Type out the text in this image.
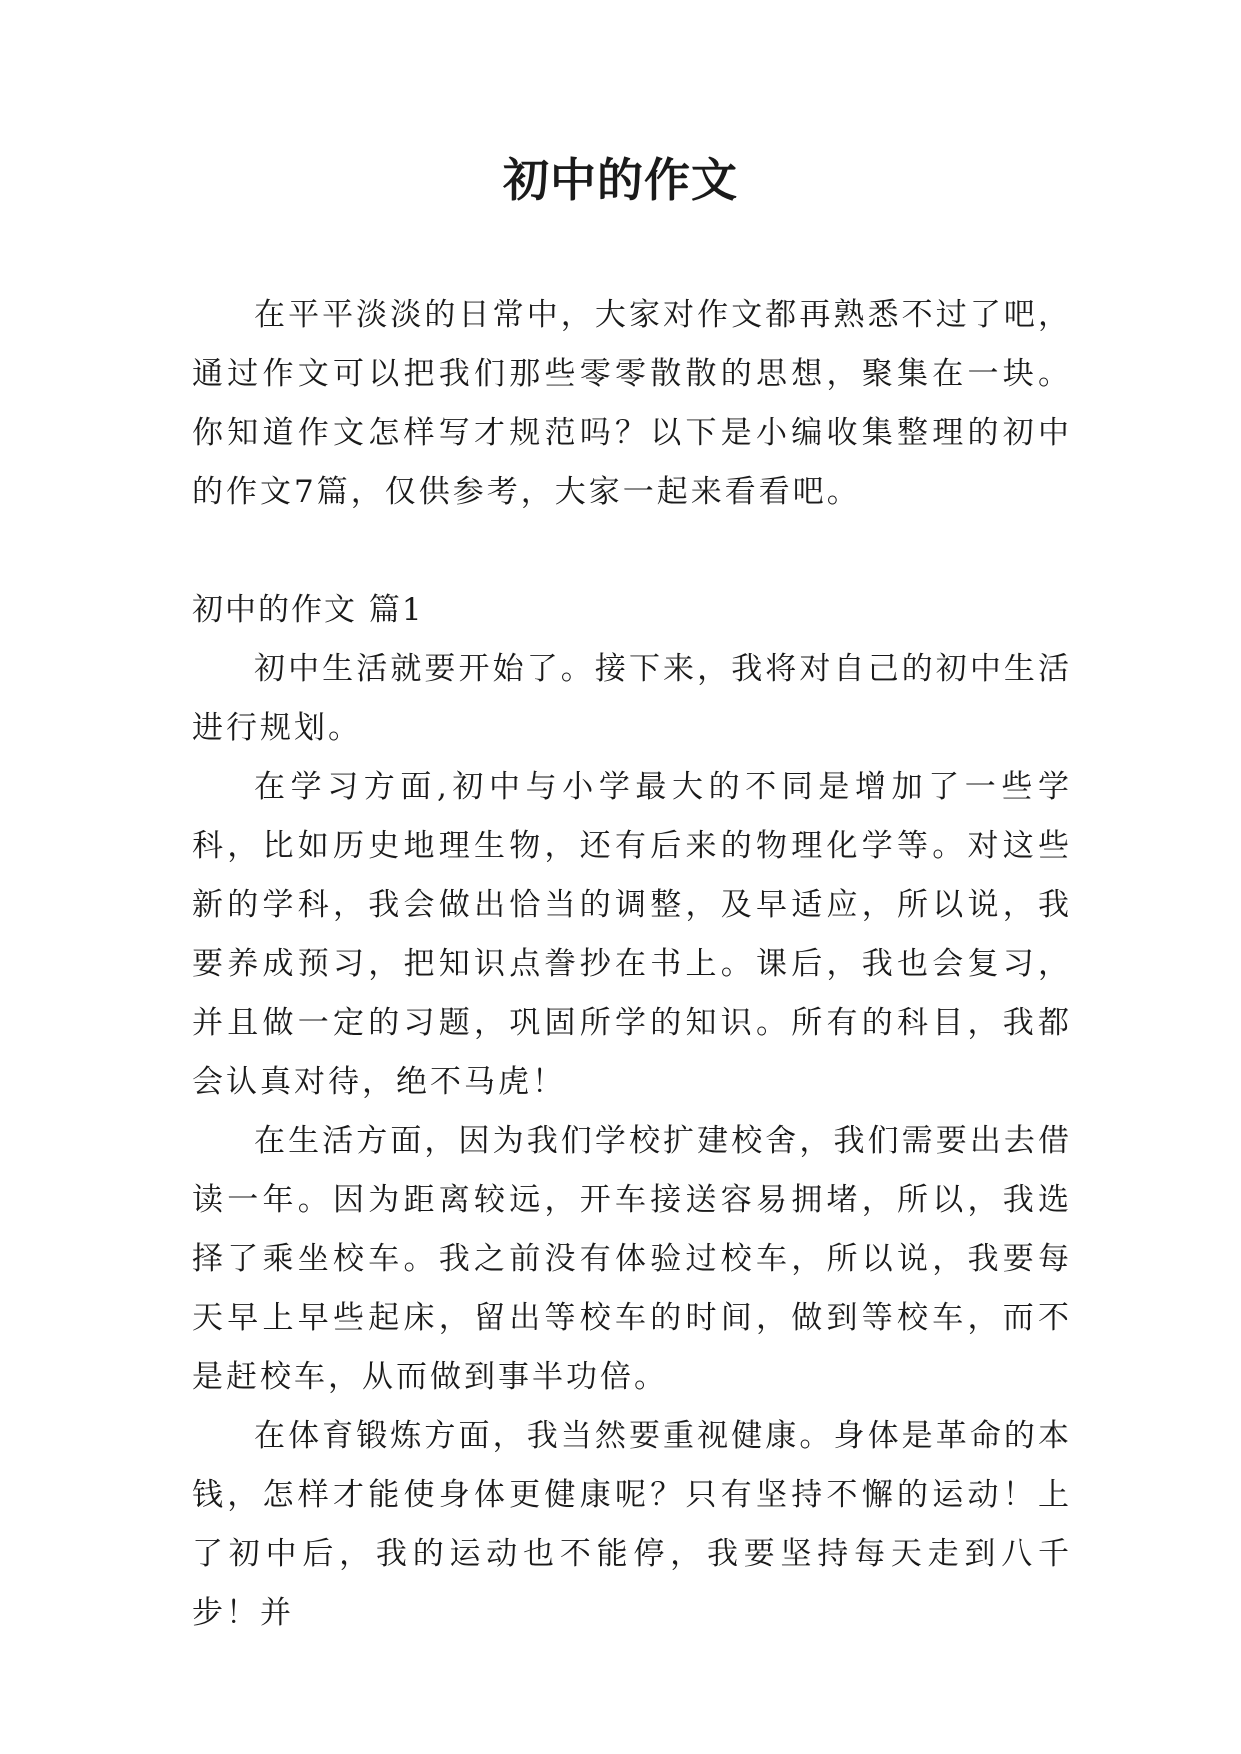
初中的作文

在平平淡淡的日常中，大家对作文都再熟悉不过了吧，通过作文可以把我们那些零零散散的思想，聚集在一块。你知道作文怎样写才规范吗？以下是小编收集整理的初中的作文7篇，仅供参考，大家一起来看看吧。

初中的作文 篇1

初中生活就要开始了。接下来，我将对自己的初中生活进行规划。

在学习方面,初中与小学最大的不同是增加了一些学科，比如历史地理生物，还有后来的物理化学等。对这些新的学科，我会做出恰当的调整，及早适应，所以说，我要养成预习，把知识点誊抄在书上。课后，我也会复习，并且做一定的习题，巩固所学的知识。所有的科目，我都会认真对待，绝不马虎！

在生活方面，因为我们学校扩建校舍，我们需要出去借读一年。因为距离较远，开车接送容易拥堵，所以，我选择了乘坐校车。我之前没有体验过校车，所以说，我要每天早上早些起床，留出等校车的时间，做到等校车，而不是赶校车，从而做到事半功倍。

在体育锻炼方面，我当然要重视健康。身体是革命的本钱，怎样才能使身体更健康呢？只有坚持不懈的运动！上了初中后，我的运动也不能停，我要坚持每天走到八千步！并
